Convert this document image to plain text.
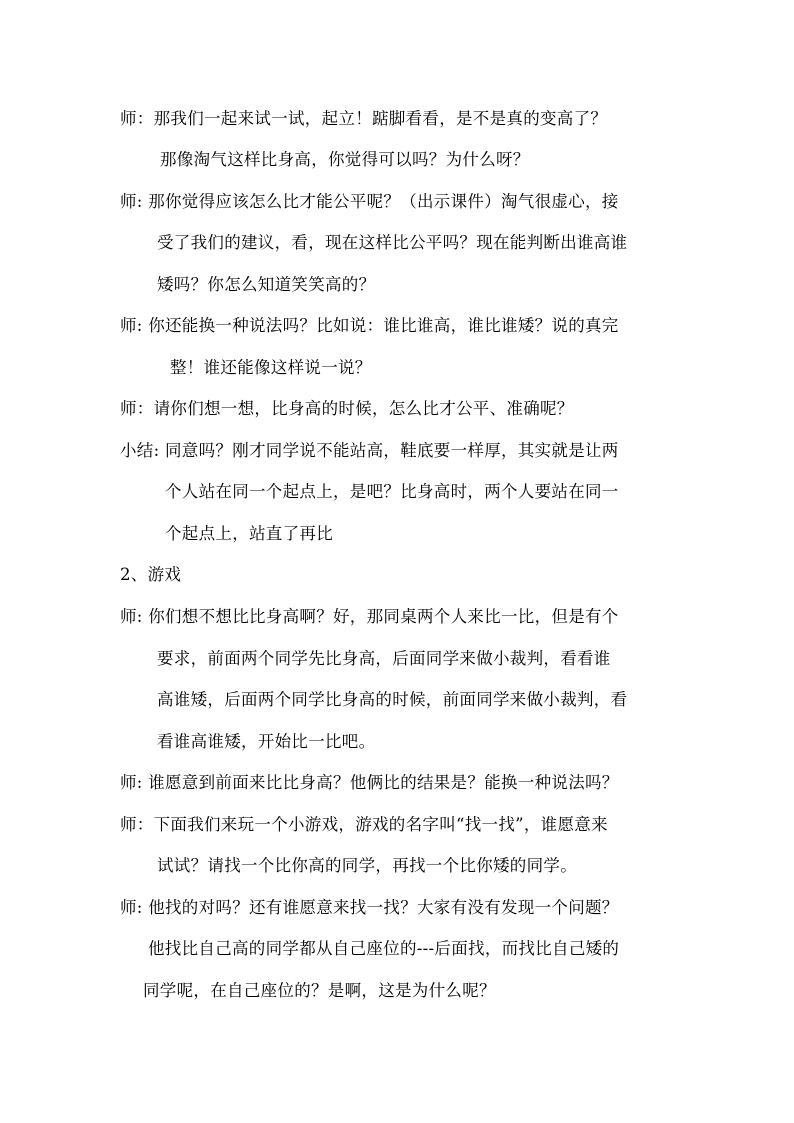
师：那我们一起来试一试，起立！踮脚看看，是不是真的变高了？
那像淘气这样比身高，你觉得可以吗？为什么呀？
师: 那你觉得应该怎么比才能公平呢？（出示课件）淘气很虚心，接
受了我们的建议，看，现在这样比公平吗？现在能判断出谁高谁
矮吗？你怎么知道笑笑高的？
师: 你还能换一种说法吗？比如说：谁比谁高，谁比谁矮？说的真完
整！谁还能像这样说一说？
师：请你们想一想，比身高的时候，怎么比才公平、准确呢？
小结: 同意吗？刚才同学说不能站高，鞋底要一样厚，其实就是让两
个人站在同一个起点上，是吧？比身高时，两个人要站在同一
个起点上，站直了再比
2、游戏
师: 你们想不想比比身高啊？好，那同桌两个人来比一比，但是有个
要求，前面两个同学先比身高，后面同学来做小裁判，看看谁
高谁矮，后面两个同学比身高的时候，前面同学来做小裁判，看
看谁高谁矮，开始比一比吧。
师: 谁愿意到前面来比比身高？他俩比的结果是？能换一种说法吗？
师：下面我们来玩一个小游戏，游戏的名字叫“找一找”，谁愿意来
试试？请找一个比你高的同学，再找一个比你矮的同学。
师: 他找的对吗？还有谁愿意来找一找？大家有没有发现一个问题？
他找比自己高的同学都从自己座位的---后面找，而找比自己矮的
同学呢，在自己座位的？是啊，这是为什么呢？
